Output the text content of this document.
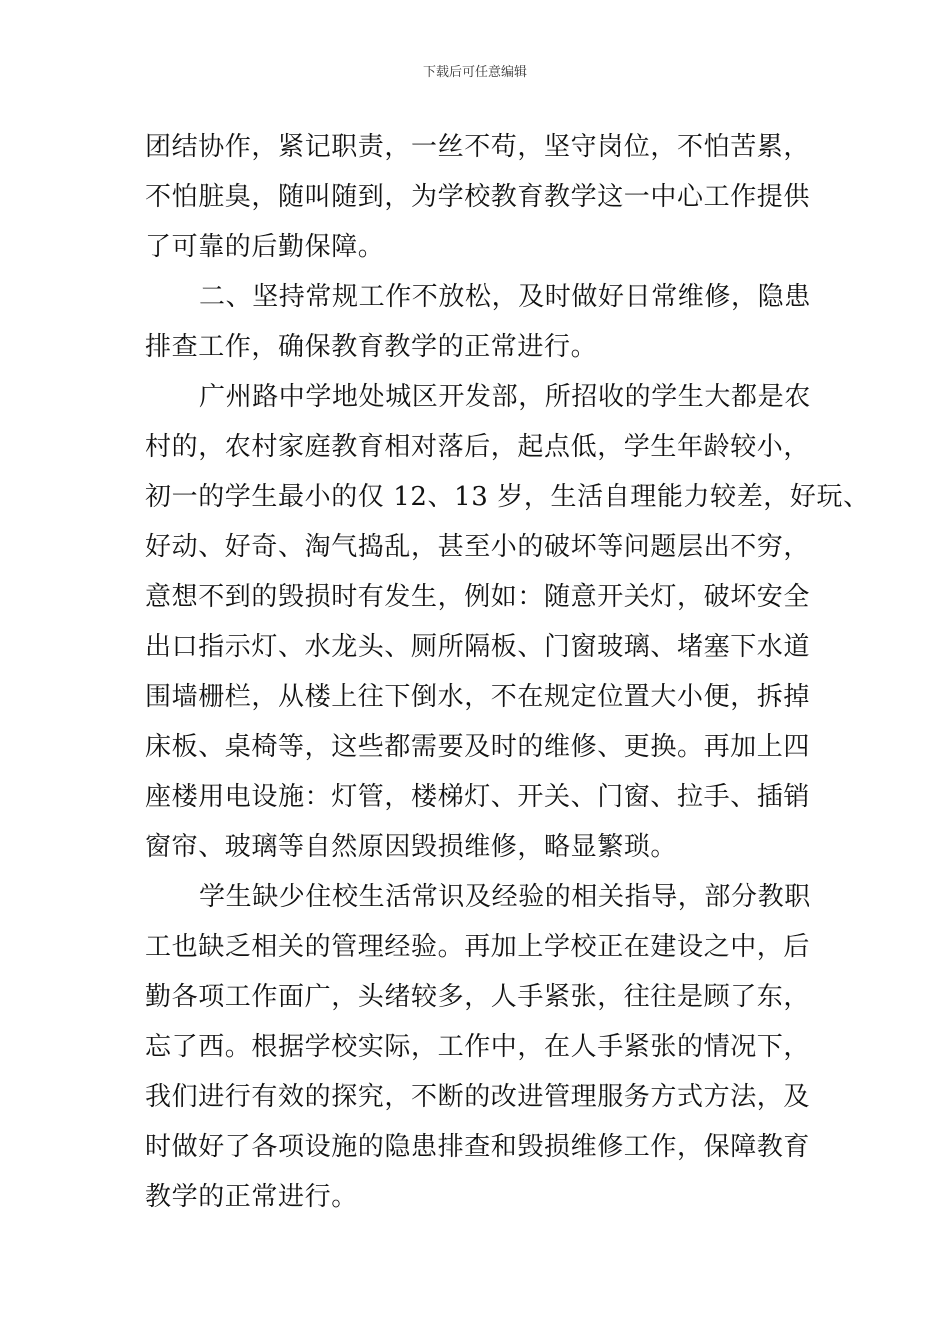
下载后可任意编辑
团结协作，紧记职责，一丝不苟，坚守岗位，不怕苦累，
不怕脏臭，随叫随到，为学校教育教学这一中心工作提供
了可靠的后勤保障。
二、坚持常规工作不放松，及时做好日常维修，隐患
排查工作，确保教育教学的正常进行。
广州路中学地处城区开发部，所招收的学生大都是农
村的，农村家庭教育相对落后，起点低，学生年龄较小，
初一的学生最小的仅 12、13 岁，生活自理能力较差，好玩、
好动、好奇、淘气捣乱，甚至小的破坏等问题层出不穷，
意想不到的毁损时有发生，例如：随意开关灯，破坏安全
出口指示灯、水龙头、厕所隔板、门窗玻璃、堵塞下水道
围墙栅栏，从楼上往下倒水，不在规定位置大小便，拆掉
床板、桌椅等，这些都需要及时的维修、更换。再加上四
座楼用电设施：灯管，楼梯灯、开关、门窗、拉手、插销
窗帘、玻璃等自然原因毁损维修，略显繁琐。
学生缺少住校生活常识及经验的相关指导，部分教职
工也缺乏相关的管理经验。再加上学校正在建设之中，后
勤各项工作面广，头绪较多，人手紧张，往往是顾了东，
忘了西。根据学校实际，工作中，在人手紧张的情况下，
我们进行有效的探究，不断的改进管理服务方式方法，及
时做好了各项设施的隐患排查和毁损维修工作，保障教育
教学的正常进行。
